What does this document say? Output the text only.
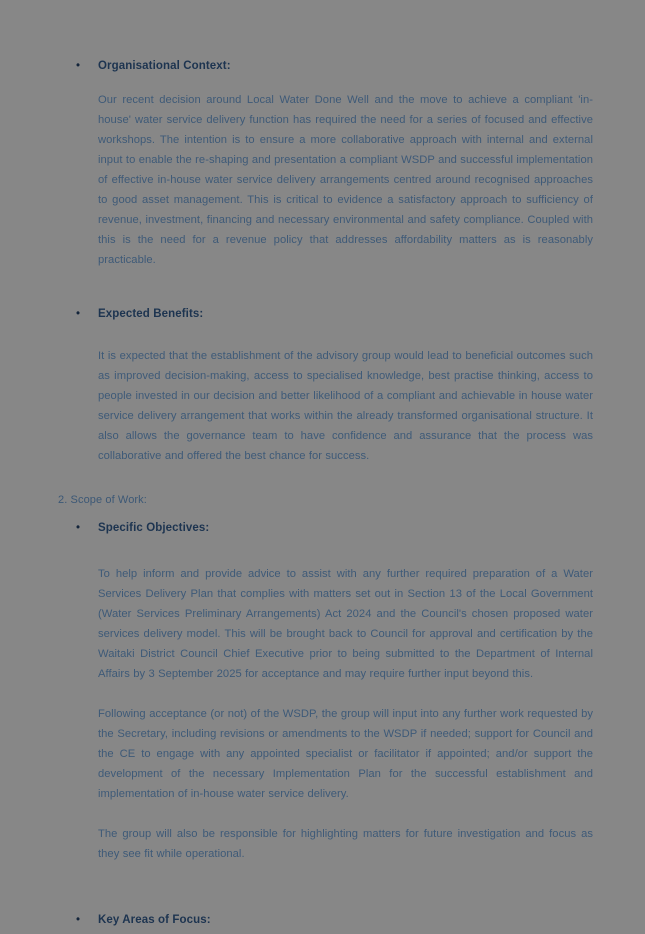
•	Organisational Context:

Our recent decision around Local Water Done Well and the move to achieve a compliant 'in-house' water service delivery function has required the need for a series of focused and effective workshops. The intention is to ensure a more collaborative approach with internal and external input to enable the re-shaping and presentation a compliant WSDP and successful implementation of effective in-house water service delivery arrangements centred around recognised approaches to good asset management. This is critical to evidence a satisfactory approach to sufficiency of revenue, investment, financing and necessary environmental and safety compliance. Coupled with this is the need for a revenue policy that addresses affordability matters as is reasonably practicable.

•	Expected Benefits:

It is expected that the establishment of the advisory group would lead to beneficial outcomes such as improved decision-making, access to specialised knowledge, best practise thinking, access to people invested in our decision and better likelihood of a compliant and achievable in house water service delivery arrangement that works within the already transformed organisational structure. It also allows the governance team to have confidence and assurance that the process was collaborative and offered the best chance for success.

2. Scope of Work:
•	Specific Objectives:

To help inform and provide advice to assist with any further required preparation of a Water Services Delivery Plan that complies with matters set out in Section 13 of the Local Government (Water Services Preliminary Arrangements) Act 2024 and the Council's chosen proposed water services delivery model. This will be brought back to Council for approval and certification by the Waitaki District Council Chief Executive prior to being submitted to the Department of Internal Affairs by 3 September 2025 for acceptance and may require further input beyond this.

Following acceptance (or not) of the WSDP, the group will input into any further work requested by the Secretary, including revisions or amendments to the WSDP if needed; support for Council and the CE to engage with any appointed specialist or facilitator if appointed; and/or support the development of the necessary Implementation Plan for the successful establishment and implementation of in-house water service delivery.

The group will also be responsible for highlighting matters for future investigation and focus as they see fit while operational.

•	Key Areas of Focus:
